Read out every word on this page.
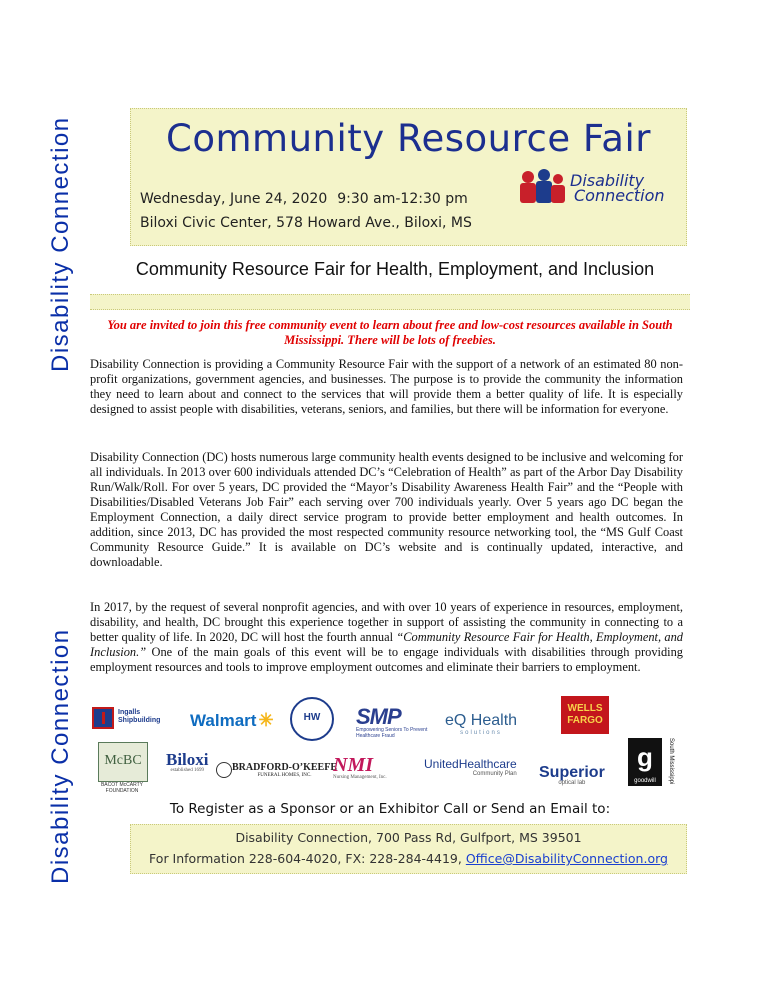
Disability Connection
Disability Connection
Community Resource Fair
Wednesday, June 24, 2020 9:30 am-12:30 pm
Biloxi Civic Center, 578 Howard Ave., Biloxi, MS
Disability
Connection
Community Resource Fair for Health, Employment, and Inclusion
You are invited to join this free community event to learn about free and low-cost resources available in South Mississippi. There will be lots of freebies.

Disability Connection is providing a Community Resource Fair with the support of a network of an estimated 80 non-profit organizations, government agencies, and businesses. The purpose is to provide the community the information they need to learn about and connect to the services that will provide them a better quality of life. It is especially designed to assist people with disabilities, veterans, seniors, and families, but there will be information for everyone.

Disability Connection (DC) hosts numerous large community health events designed to be inclusive and welcoming for all individuals. In 2013 over 600 individuals attended DC’s “Celebration of Health” as part of the Arbor Day Disability Run/Walk/Roll. For over 5 years, DC provided the “Mayor’s Disability Awareness Health Fair” and the “People with Disabilities/Disabled Veterans Job Fair” each serving over 700 individuals yearly. Over 5 years ago DC began the Employment Connection, a daily direct service program to provide better employment and health outcomes. In addition, since 2013, DC has provided the most respected community resource networking tool, the “MS Gulf Coast Community Resource Guide.” It is available on DC’s website and is continually updated, interactive, and downloadable.

In 2017, by the request of several nonprofit agencies, and with over 10 years of experience in resources, employment, disability, and health, DC brought this experience together in support of assisting the community in connecting to a better quality of life. In 2020, DC will host the fourth annual “Community Resource Fair for Health, Employment, and Inclusion.” One of the main goals of this event will be to engage individuals with disabilities through providing employment resources and tools to improve employment outcomes and eliminate their barriers to employment.

Ingalls Shipbuilding	Walmart ✳	HW	SMP
Empowering Seniors To Prevent Healthcare Fraud
eQ Health
solutions
WELLS FARGO
g
goodwill	South Mississippi
McBC
BACOT McCARTY FOUNDATION
Biloxi
established 1699	BRADFORD-O’KEEFE
FUNERAL HOMES, INC.	NMI
Nursing Management, Inc.
UnitedHealthcare
Community Plan Superior
optical lab
To Register as a Sponsor or an Exhibitor Call or Send an Email to:
Disability Connection, 700 Pass Rd, Gulfport, MS 39501
For Information 228-604-4020, FX: 228-284-4419, Office@DisabilityConnection.org
